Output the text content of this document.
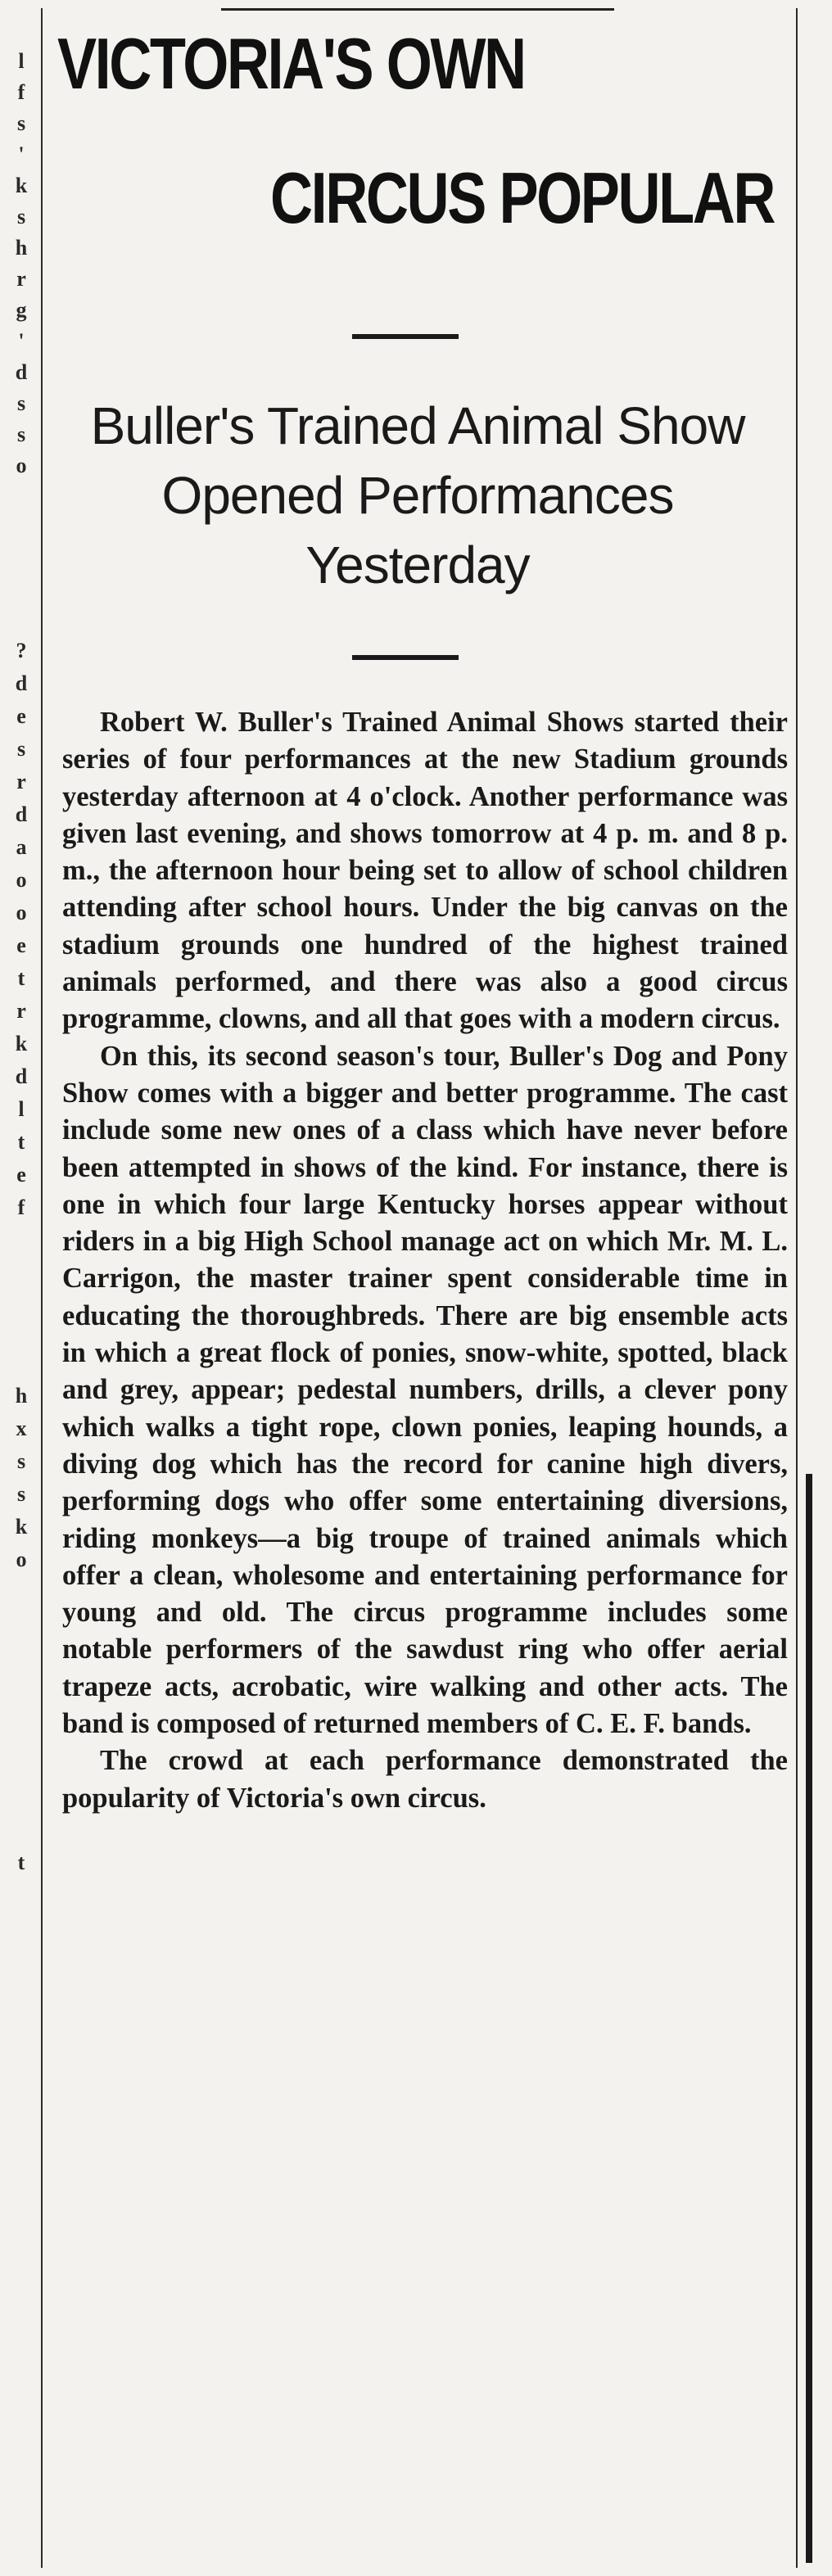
l
f
s
'
k
s
h
r
g
'
d
s
s
o
?
d
e
s
r
d
a
o
o
e
t
r
k
d
l
t
e
f
h
x
s
s
k
o
t
VICTORIA'S OWN
CIRCUS POPULAR
Buller's Trained Animal Show
Opened Performances
Yesterday

Robert W. Buller's Trained Animal Shows started their series of four performances at the new Stadium grounds yesterday afternoon at 4 o'clock. Another performance was given last evening, and shows tomorrow at 4 p. m. and 8 p. m., the afternoon hour being set to allow of school children attending after school hours. Under the big canvas on the stadium grounds one hundred of the highest trained animals performed, and there was also a good circus programme, clowns, and all that goes with a modern circus.

On this, its second season's tour, Buller's Dog and Pony Show comes with a bigger and better programme. The cast include some new ones of a class which have never before been attempted in shows of the kind. For instance, there is one in which four large Kentucky horses appear without riders in a big High School manage act on which Mr. M. L. Carrigon, the master trainer spent considerable time in educating the thoroughbreds. There are big ensemble acts in which a great flock of ponies, snow-white, spotted, black and grey, appear; pedestal numbers, drills, a clever pony which walks a tight rope, clown ponies, leaping hounds, a diving dog which has the record for canine high divers, performing dogs who offer some entertaining diversions, riding monkeys—a big troupe of trained animals which offer a clean, wholesome and entertaining performance for young and old. The circus programme includes some notable performers of the sawdust ring who offer aerial trapeze acts, acrobatic, wire walking and other acts. The band is composed of returned members of C. E. F. bands.

The crowd at each performance demonstrated the popularity of Victoria's own circus.
